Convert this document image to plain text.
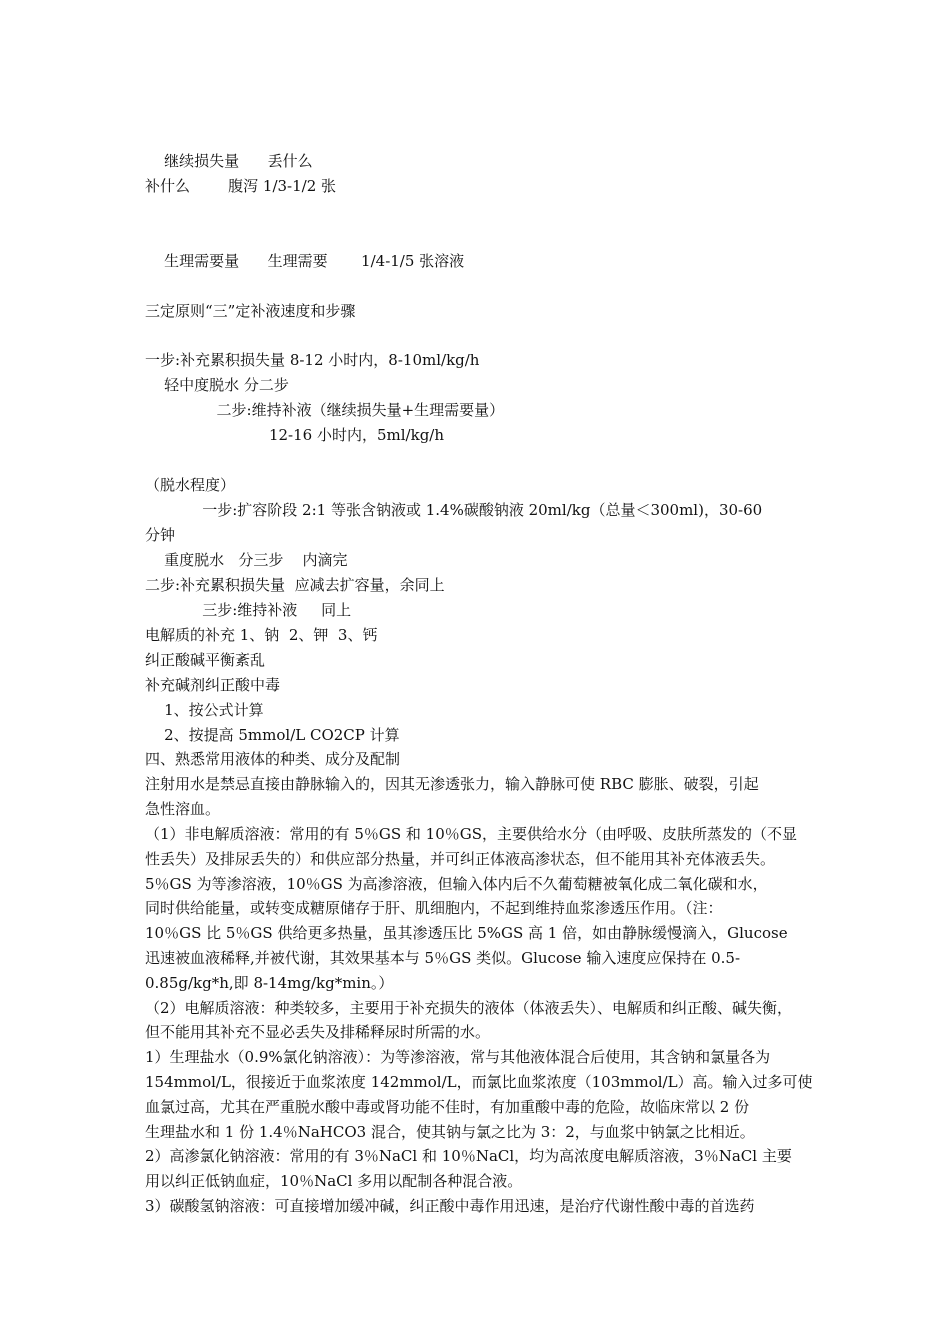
继续损失量      丢什么
补什么        腹泻 1/3-1/2 张
生理需要量      生理需要       1/4-1/5 张溶液
三定原则“三”定补液速度和步骤
一步:补充累积损失量 8-12 小时内，8-10ml/kg/h
轻中度脱水 分二步
二步:维持补液（继续损失量+生理需要量）
12-16 小时内，5ml/kg/h
（脱水程度）
一步:扩容阶段 2:1 等张含钠液或 1.4%碳酸钠液 20ml/kg（总量＜300ml)，30-60
分钟
重度脱水   分三步    内滴完
二步:补充累积损失量  应减去扩容量，余同上
三步:维持补液     同上
电解质的补充 1、钠  2、钾  3、钙
纠正酸碱平衡紊乱
补充碱剂纠正酸中毒
1、按公式计算
2、按提高 5mmol/L CO2CP 计算
四、熟悉常用液体的种类、成分及配制
注射用水是禁忌直接由静脉输入的，因其无渗透张力，输入静脉可使 RBC 膨胀、破裂，引起
急性溶血。
（1）非电解质溶液：常用的有 5％GS 和 10％GS，主要供给水分（由呼吸、皮肤所蒸发的（不显
性丢失）及排尿丢失的）和供应部分热量，并可纠正体液高渗状态，但不能用其补充体液丢失。
5％GS 为等渗溶液，10％GS 为高渗溶液，但输入体内后不久葡萄糖被氧化成二氧化碳和水，
同时供给能量，或转变成糖原储存于肝、肌细胞内，不起到维持血浆渗透压作用。（注：
10％GS 比 5％GS 供给更多热量，虽其渗透压比 5%GS 高 1 倍，如由静脉缓慢滴入，Glucose
迅速被血液稀释,并被代谢，其效果基本与 5％GS 类似。Glucose 输入速度应保持在 0.5-
0.85g/kg*h,即 8-14mg/kg*min。）
（2）电解质溶液：种类较多，主要用于补充损失的液体（体液丢失）、电解质和纠正酸、碱失衡，
但不能用其补充不显必丢失及排稀释尿时所需的水。
1）生理盐水（0.9%氯化钠溶液）：为等渗溶液，常与其他液体混合后使用，其含钠和氯量各为
154mmol/L，很接近于血浆浓度 142mmol/L，而氯比血浆浓度（103mmol/L）高。输入过多可使
血氯过高，尤其在严重脱水酸中毒或肾功能不佳时，有加重酸中毒的危险，故临床常以 2 份
生理盐水和 1 份 1.4％NaHCO3 混合，使其钠与氯之比为 3：2，与血浆中钠氯之比相近。
2）高渗氯化钠溶液：常用的有 3％NaCl 和 10％NaCl，均为高浓度电解质溶液，3％NaCl 主要
用以纠正低钠血症，10％NaCl 多用以配制各种混合液。
3）碳酸氢钠溶液：可直接增加缓冲碱，纠正酸中毒作用迅速，是治疗代谢性酸中毒的首选药
